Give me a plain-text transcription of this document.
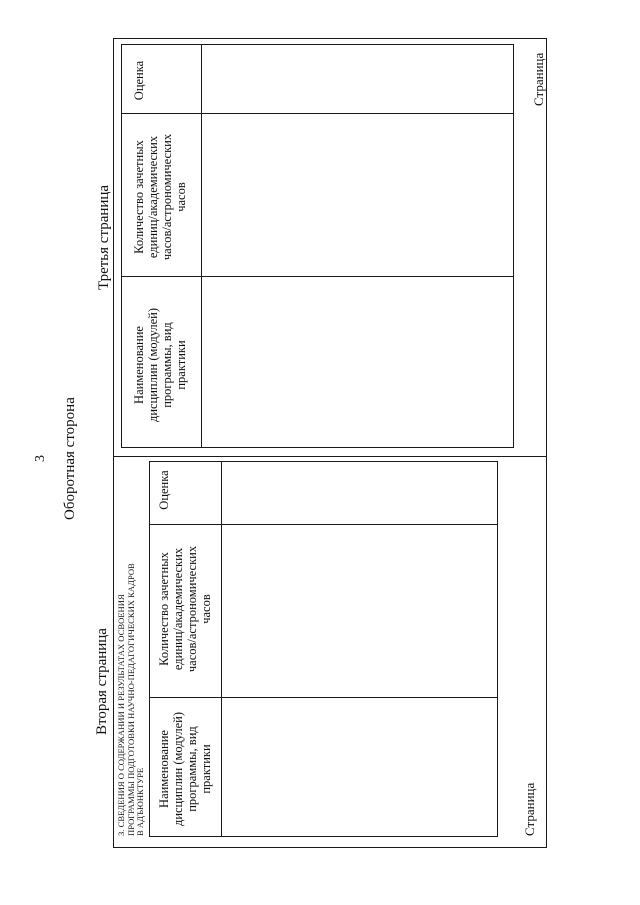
3 Оборотная сторона
Вторая страница
Третья страница
3. СВЕДЕНИЯ О СОДЕРЖАНИИ И РЕЗУЛЬТАТАХ ОСВОЕНИЯ ПРОГРАММЫ ПОДГОТОВКИ НАУЧНО-ПЕДАГОГИЧЕСКИХ КАДРОВ В АДЪЮНКТУРЕ Наименование дисциплин (модулей) программы, вид практики
Количество зачетных единиц/академических часов/астрономических часов
Оценка
Страница
Наименование дисциплин (модулей) программы, вид практики
Количество зачетных единиц/академических часов/астрономических часов
Оценка	Страница
